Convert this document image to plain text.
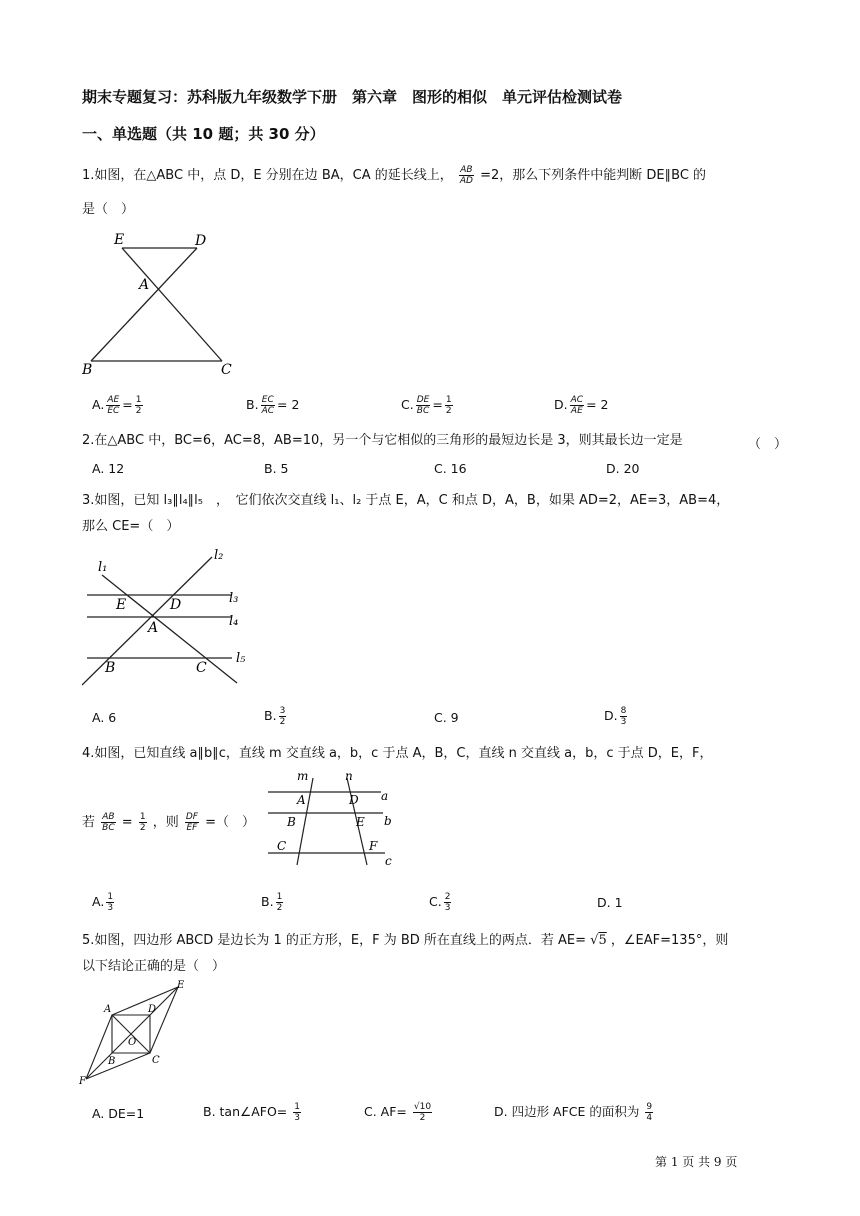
期末专题复习：苏科版九年级数学下册　第六章　图形的相似　单元评估检测试卷
一、单选题（共 10 题；共 30 分）
1.如图，在△ABC 中，点 D，E 分别在边 BA，CA 的延长线上， $\frac{AB}{AD} =2$，那么下列条件中能判断 DE∥BC 的
是（　）
E	D
A
B	C
A. $\frac{AE}{EC} = \frac{1}{2}$	B. $\frac{EC}{AC} = 2$	C. $\frac{DE}{BC} = \frac{1}{2}$	D. $\frac{AC}{AE} = 2$
2.在△ABC 中，BC=6，AC=8，AB=10，另一个与它相似的三角形的最短边长是 3，则其最长边一定是	（　）
A. 12	B. 5	C. 16	D. 20
3.如图，已知 l₃∥l₄∥l₅　，　它们依次交直线 l₁、l₂ 于点 E，A，C 和点 D，A，B，如果 AD=2，AE=3，AB=4，
那么 CE=（　）
l₁
l₂
l₃
l₄
l₅
E	D
A
B	C
A. 6	B. $\frac{3}{2}$	C. 9	D. $\frac{8}{3}$
4.如图，已知直线 a∥b∥c，直线 m 交直线 a，b，c 于点 A，B，C，直线 n 交直线 a，b，c 于点 D，E，F，
若 $\frac{AB}{BC} = \frac{1}{2}$ ，则 $\frac{DF}{EF}$ =（　）
m	n
A	D a
B	E b
C	F
c
A. $\frac{1}{3}$	B. $\frac{1}{2}$	C. $\frac{2}{3}$	D. 1
5.如图，四边形 ABCD 是边长为 1 的正方形，E，F 为 BD 所在直线上的两点．若 AE= √5 ，∠EAF=135°，则
以下结论正确的是（　）
A	D
E
O
B	C
F
A. DE=1	B. tan∠AFO= $\frac{1}{3}$	C. $AF= \frac{√10}{2}$	D. 四边形 AFCE 的面积为 $\frac{9}{4}$
第 1 页 共 9 页
